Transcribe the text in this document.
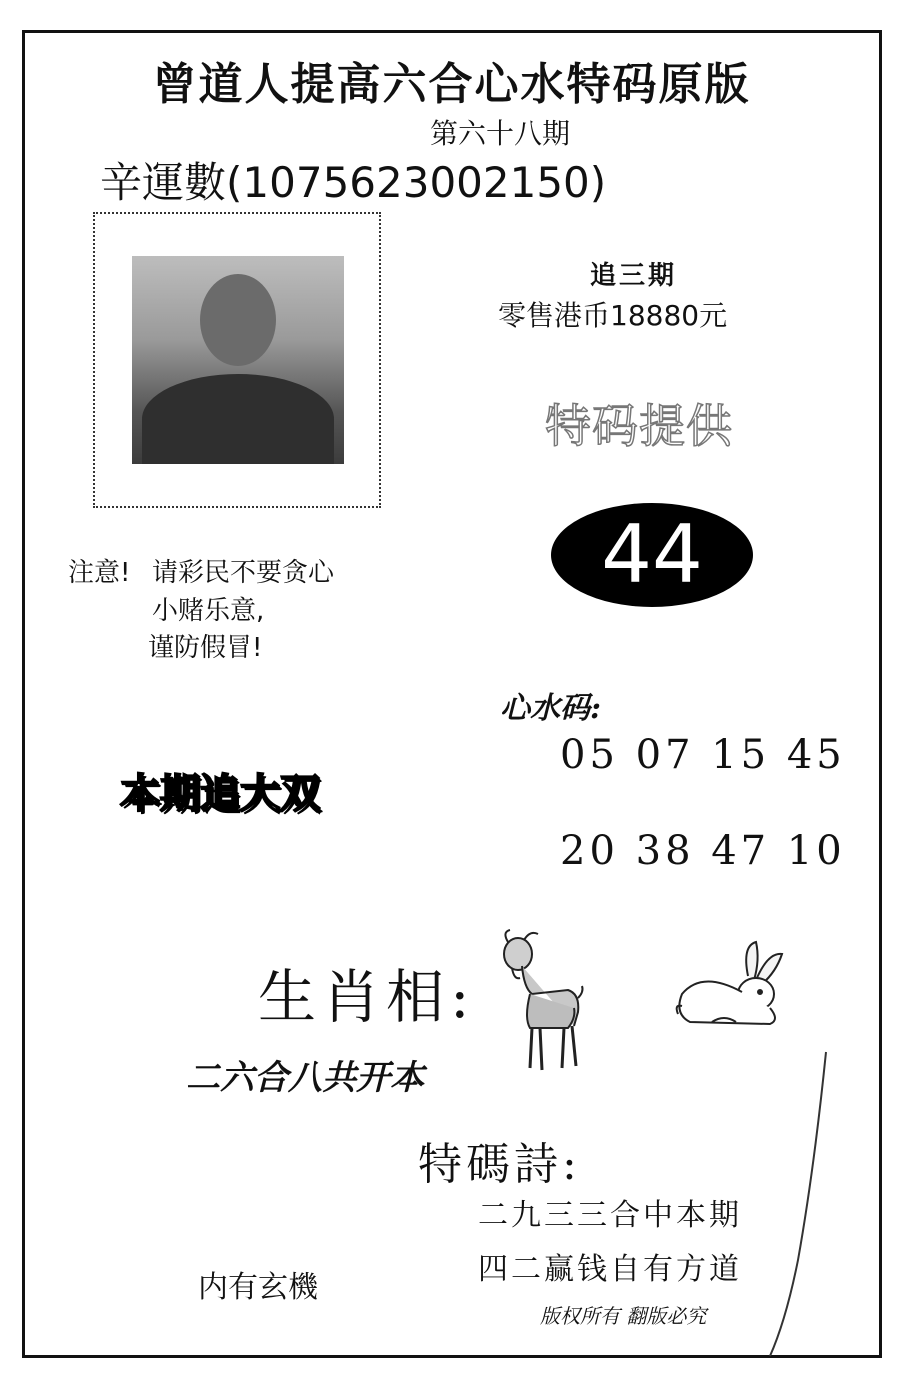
曾道人提高六合心水特码原版
第六十八期
辛運數(1075623002150)
追三期
零售港币18880元
特码提供
44
注意! 请彩民不要贪心
小赌乐意,
谨防假冒!
心水码:
05 07 15 45
20 38 47 10
本期追大双
生肖相:
二六合八共开本
特碼詩:
二九三三合中本期
四二赢钱自有方道
内有玄機
版权所有 翻版必究
